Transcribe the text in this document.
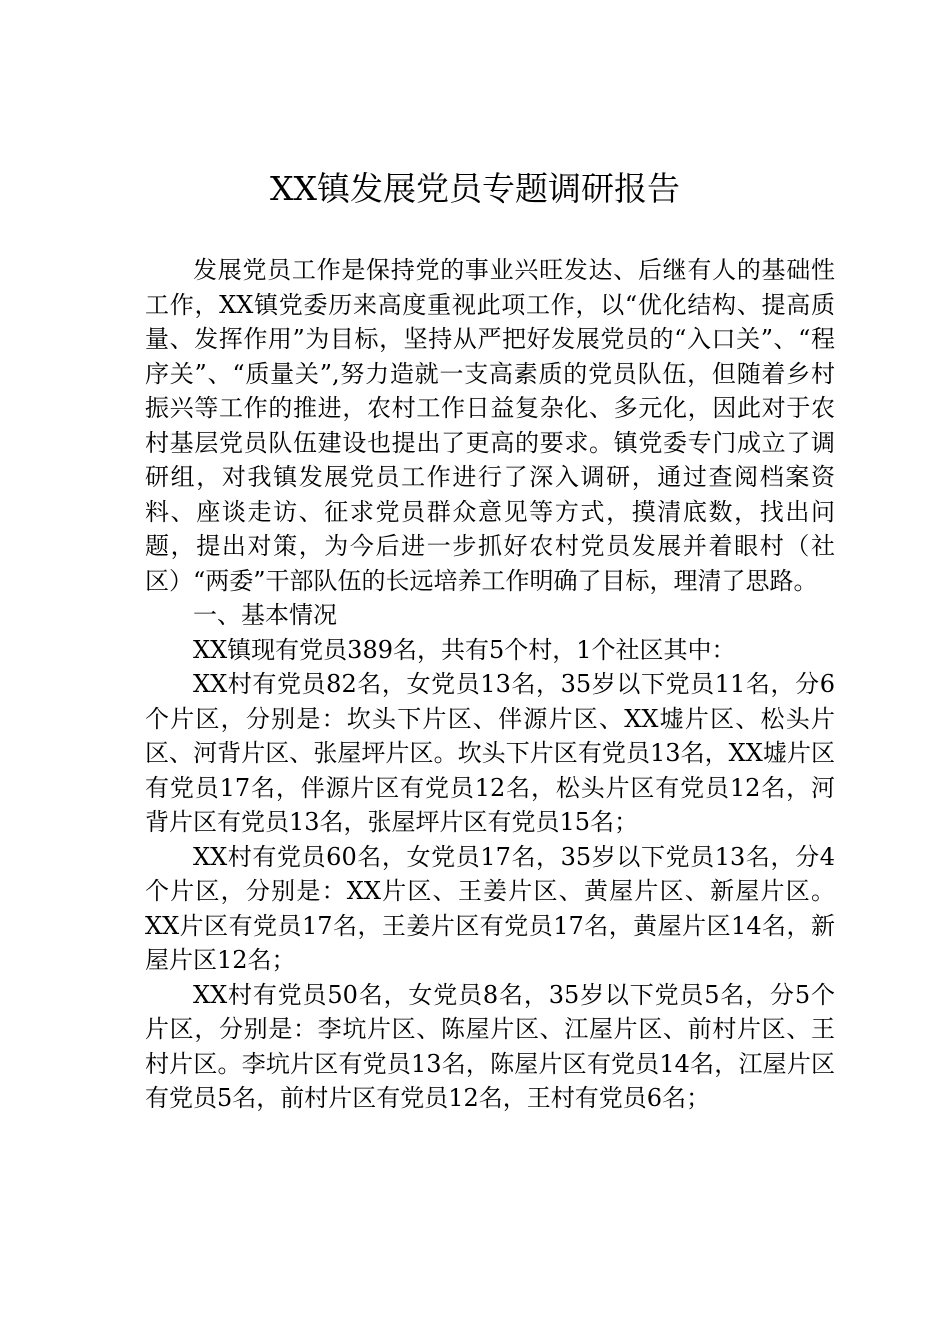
XX镇发展党员专题调研报告

发展党员工作是保持党的事业兴旺发达、后继有人的基础性工作，XX镇党委历来高度重视此项工作，以“优化结构、提高质量、发挥作用”为目标，坚持从严把好发展党员的“入口关”、“程序关”、“质量关”,努力造就一支高素质的党员队伍，但随着乡村振兴等工作的推进，农村工作日益复杂化、多元化，因此对于农村基层党员队伍建设也提出了更高的要求。镇党委专门成立了调研组，对我镇发展党员工作进行了深入调研，通过查阅档案资料、座谈走访、征求党员群众意见等方式，摸清底数，找出问题，提出对策，为今后进一步抓好农村党员发展并着眼村（社区）“两委”干部队伍的长远培养工作明确了目标，理清了思路。

一、基本情况

XX镇现有党员389名，共有5个村，1个社区其中：

XX村有党员82名，女党员13名，35岁以下党员11名，分6个片区，分别是：坎头下片区、伴源片区、XX墟片区、松头片区、河背片区、张屋坪片区。坎头下片区有党员13名，XX墟片区有党员17名，伴源片区有党员12名，松头片区有党员12名，河背片区有党员13名，张屋坪片区有党员15名；

XX村有党员60名，女党员17名，35岁以下党员13名，分4个片区，分别是：XX片区、王姜片区、黄屋片区、新屋片区。XX片区有党员17名，王姜片区有党员17名，黄屋片区14名，新屋片区12名；

XX村有党员50名，女党员8名，35岁以下党员5名，分5个片区，分别是：李坑片区、陈屋片区、江屋片区、前村片区、王村片区。李坑片区有党员13名，陈屋片区有党员14名，江屋片区有党员5名，前村片区有党员12名，王村有党员6名；
